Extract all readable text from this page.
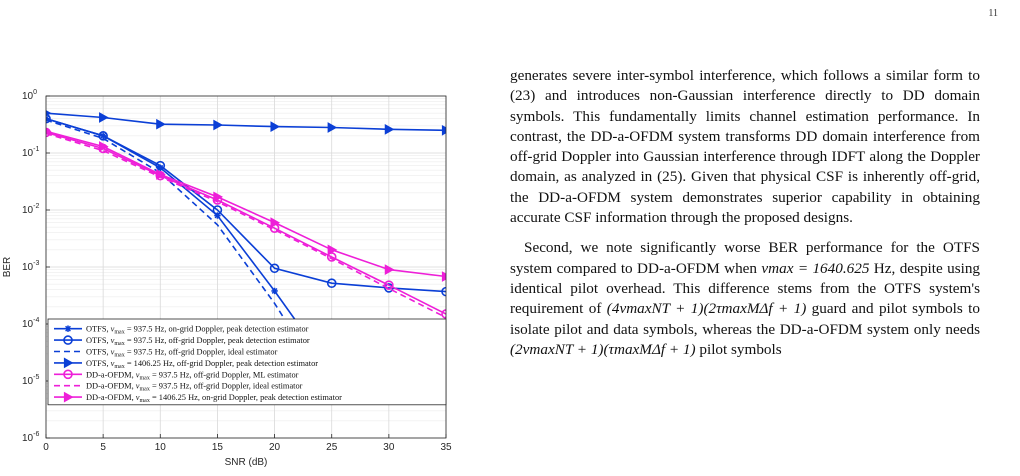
11
0	5	10	15	20	25	30	35
$10^0$
$10^{-1}$
$10^{-2}$
$10^{-3}$
$10^{-4}$
$10^{-5}$
$10^{-6}$
SNR (dB)
BER
OTFS, $\nu_{max} = 937.5$ Hz, on-grid Doppler, peak detection estimator
OTFS, $\nu_{max} = 937.5$ Hz, off-grid Doppler, peak detection estimator
OTFS, $\nu_{max} = 937.5$ Hz, off-grid Doppler, ideal estimator
OTFS, $\nu_{max} = 1406.25$ Hz, off-grid Doppler, peak detection estimator
DD-a-OFDM, $\nu_{max} = 937.5$ Hz, off-grid Doppler, ML estimator
DD-a-OFDM, $\nu_{max} = 937.5$ Hz, off-grid Doppler, ideal estimator
DD-a-OFDM, $\nu_{max} = 1406.25$ Hz, on-grid Doppler, peak detection estimator

generates severe inter-symbol interference, which follows a similar form to (23) and introduces non-Gaussian interference directly to DD domain symbols. This fundamentally limits channel estimation performance. In contrast, the DD-a-OFDM system transforms DD domain interference from off-grid Doppler into Gaussian interference through IDFT along the Doppler domain, as analyzed in (25). Given that physical CSF is inherently off-grid, the DD-a-OFDM system demonstrates superior capability in obtaining accurate CSF information through the proposed designs.

Second, we note significantly worse BER performance for the OTFS system compared to DD-a-OFDM when νmax = 1640.625 Hz, despite using identical pilot overhead. This difference stems from the OTFS system's requirement of (4νmaxNT + 1)(2τmaxMΔf + 1) guard and pilot symbols to isolate pilot and data symbols, whereas the DD-a-OFDM system only needs (2νmaxNT + 1)(τmaxMΔf + 1) pilot symbols
